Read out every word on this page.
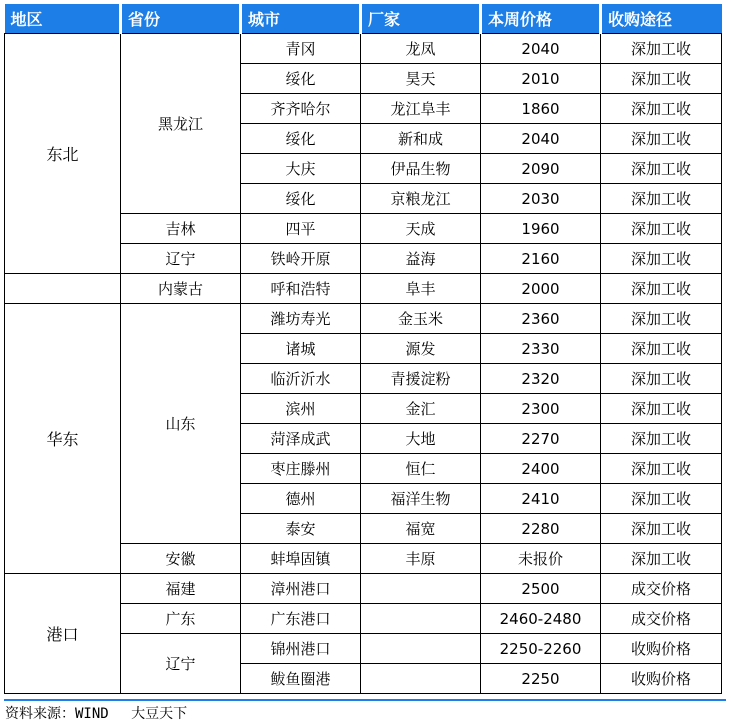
地区	省份	城市	厂家	本周价格	收购途径
东北	黑龙江	青冈	龙凤	2040	深加工收
		绥化	昊天	2010	深加工收
		齐齐哈尔	龙江阜丰	1860	深加工收
		绥化	新和成	2040	深加工收
		大庆	伊品生物	2090	深加工收
		绥化	京粮龙江	2030	深加工收
	吉林	四平	天成	1960	深加工收
	辽宁	铁岭开原	益海	2160	深加工收
	内蒙古	呼和浩特	阜丰	2000	深加工收
华东	山东	潍坊寿光	金玉米	2360	深加工收
		诸城	源发	2330	深加工收
		临沂沂水	青援淀粉	2320	深加工收
		滨州	金汇	2300	深加工收
		菏泽成武	大地	2270	深加工收
		枣庄滕州	恒仁	2400	深加工收
		德州	福洋生物	2410	深加工收
		泰安	福宽	2280	深加工收
	安徽	蚌埠固镇	丰原	未报价	深加工收
港口	福建	漳州港口		2500	成交价格
	广东	广东港口		2460-2480	成交价格
	辽宁	锦州港口		2250-2260	收购价格
		鲅鱼圈港		2250	收购价格
资料来源：WIND　 大豆天下
